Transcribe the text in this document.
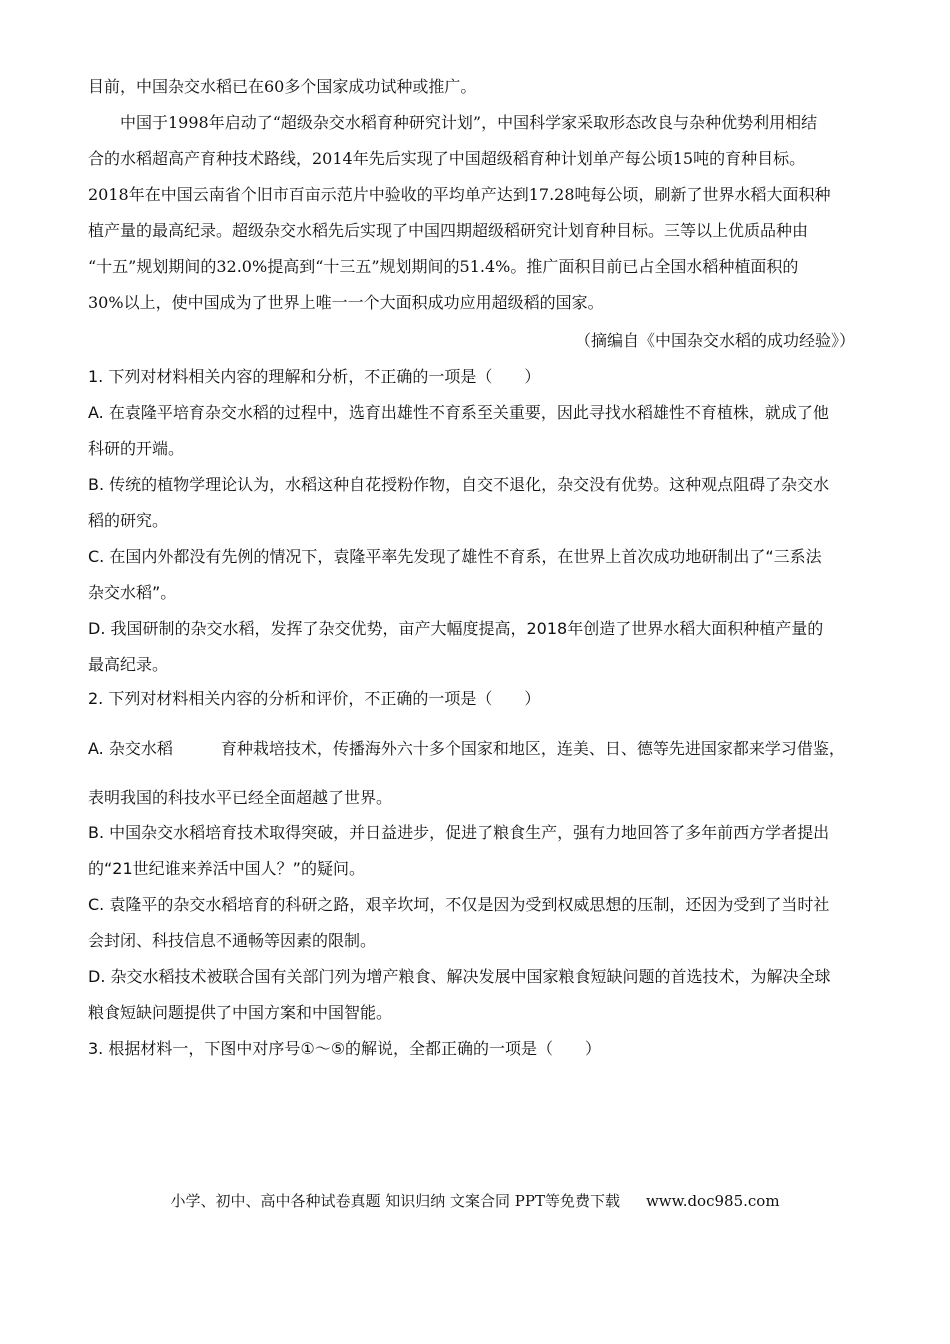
目前，中国杂交水稻已在60多个国家成功试种或推广。
中国于1998年启动了“超级杂交水稻育种研究计划”，中国科学家采取形态改良与杂种优势利用相结
合的水稻超高产育种技术路线，2014年先后实现了中国超级稻育种计划单产每公顷15吨的育种目标。
2018年在中国云南省个旧市百亩示范片中验收的平均单产达到17.28吨每公顷，刷新了世界水稻大面积种
植产量的最高纪录。超级杂交水稻先后实现了中国四期超级稻研究计划育种目标。三等以上优质品种由
“十五”规划期间的32.0%提高到“十三五”规划期间的51.4%。推广面积目前已占全国水稻种植面积的
30%以上，使中国成为了世界上唯一一个大面积成功应用超级稻的国家。
（摘编自《中国杂交水稻的成功经验》）
1. 下列对材料相关内容的理解和分析，不正确的一项是（　　）
A. 在袁隆平培育杂交水稻的过程中，选育出雄性不育系至关重要，因此寻找水稻雄性不育植株，就成了他
科研的开端。
B. 传统的植物学理论认为，水稻这种自花授粉作物，自交不退化，杂交没有优势。这种观点阻碍了杂交水
稻的研究。
C. 在国内外都没有先例的情况下，袁隆平率先发现了雄性不育系，在世界上首次成功地研制出了“三系法
杂交水稻”。
D. 我国研制的杂交水稻，发挥了杂交优势，亩产大幅度提高，2018年创造了世界水稻大面积种植产量的
最高纪录。
2. 下列对材料相关内容的分析和评价，不正确的一项是（　　）
A. 杂交水稻	育种栽培技术，传播海外六十多个国家和地区，连美、日、德等先进国家都来学习借鉴，
表明我国的科技水平已经全面超越了世界。
B. 中国杂交水稻培育技术取得突破，并日益进步，促进了粮食生产，强有力地回答了多年前西方学者提出
的“21世纪谁来养活中国人？”的疑问。
C. 袁隆平的杂交水稻培育的科研之路，艰辛坎坷，不仅是因为受到权威思想的压制，还因为受到了当时社
会封闭、科技信息不通畅等因素的限制。
D. 杂交水稻技术被联合国有关部门列为增产粮食、解决发展中国家粮食短缺问题的首选技术，为解决全球
粮食短缺问题提供了中国方案和中国智能。
3. 根据材料一，下图中对序号①～⑤的解说，全都正确的一项是（　　）
小学、初中、高中各种试卷真题 知识归纳 文案合同 PPT等免费下载 www.doc985.com
